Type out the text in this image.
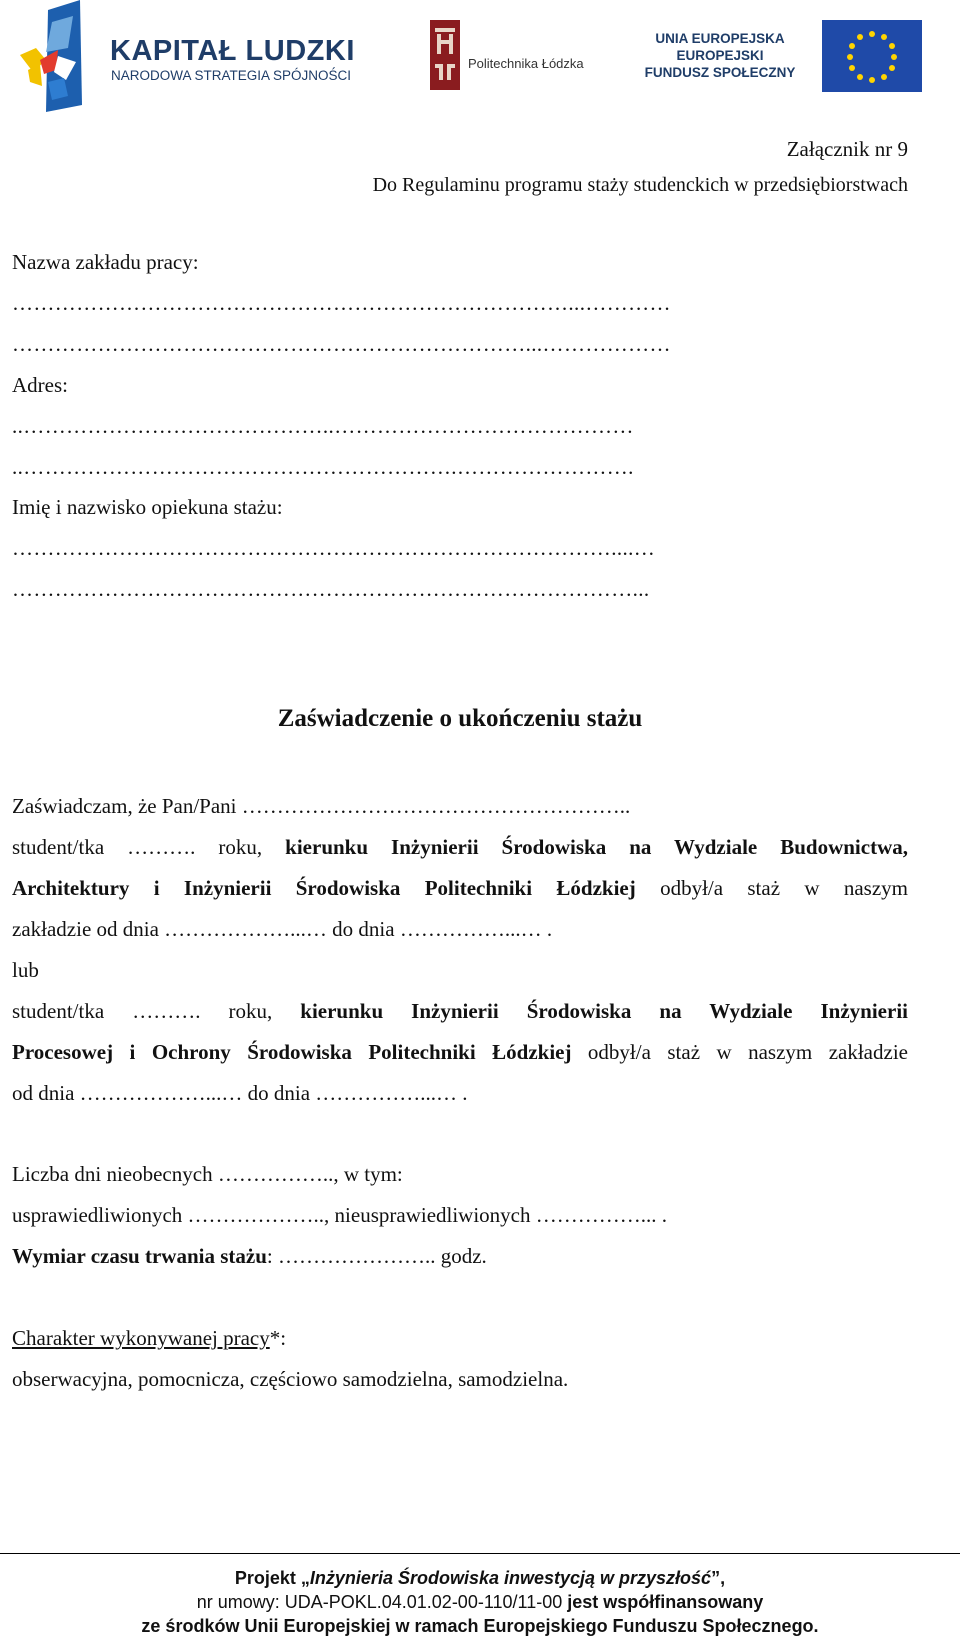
KAPITAŁ LUDZKI
NARODOWA STRATEGIA SPÓJNOŚCI
Politechnika Łódzka
UNIA EUROPEJSKA
EUROPEJSKI
FUNDUSZ SPOŁECZNY
Załącznik nr 9
Do Regulaminu programu staży studenckich w przedsiębiorstwach
Nazwa zakładu pracy:
……………………………………………………………………...…………
………………………………………………………………...………………
Adres:
..……………………………………..……………………………………
..…………………………………………………….…………………….
Imię i nazwisko opiekuna stażu:
…………………………………………………………………………....…
……………………………………………………………………………...
Zaświadczenie o ukończeniu stażu
Zaświadczam, że Pan/Pani ………………………………………………..
student/tka ………. roku, kierunku Inżynierii Środowiska na Wydziale Budownictwa,
Architektury i Inżynierii Środowiska Politechniki Łódzkiej odbył/a staż w naszym
zakładzie od dnia ………………...… do dnia ……………...… .
lub
student/tka ………. roku, kierunku Inżynierii Środowiska na Wydziale Inżynierii
Procesowej i Ochrony Środowiska Politechniki Łódzkiej odbył/a staż w naszym zakładzie
od dnia ………………...… do dnia ……………...… .
Liczba dni nieobecnych …………….., w tym:
usprawiedliwionych ……………….., nieusprawiedliwionych ……………... .
Wymiar czasu trwania stażu: ………………….. godz.
Charakter wykonywanej pracy*:
obserwacyjna, pomocnicza, częściowo samodzielna, samodzielna.
Projekt „Inżynieria Środowiska inwestycją w przyszłość”,
nr umowy: UDA-POKL.04.01.02-00-110/11-00 jest współfinansowany
ze środków Unii Europejskiej w ramach Europejskiego Funduszu Społecznego.
